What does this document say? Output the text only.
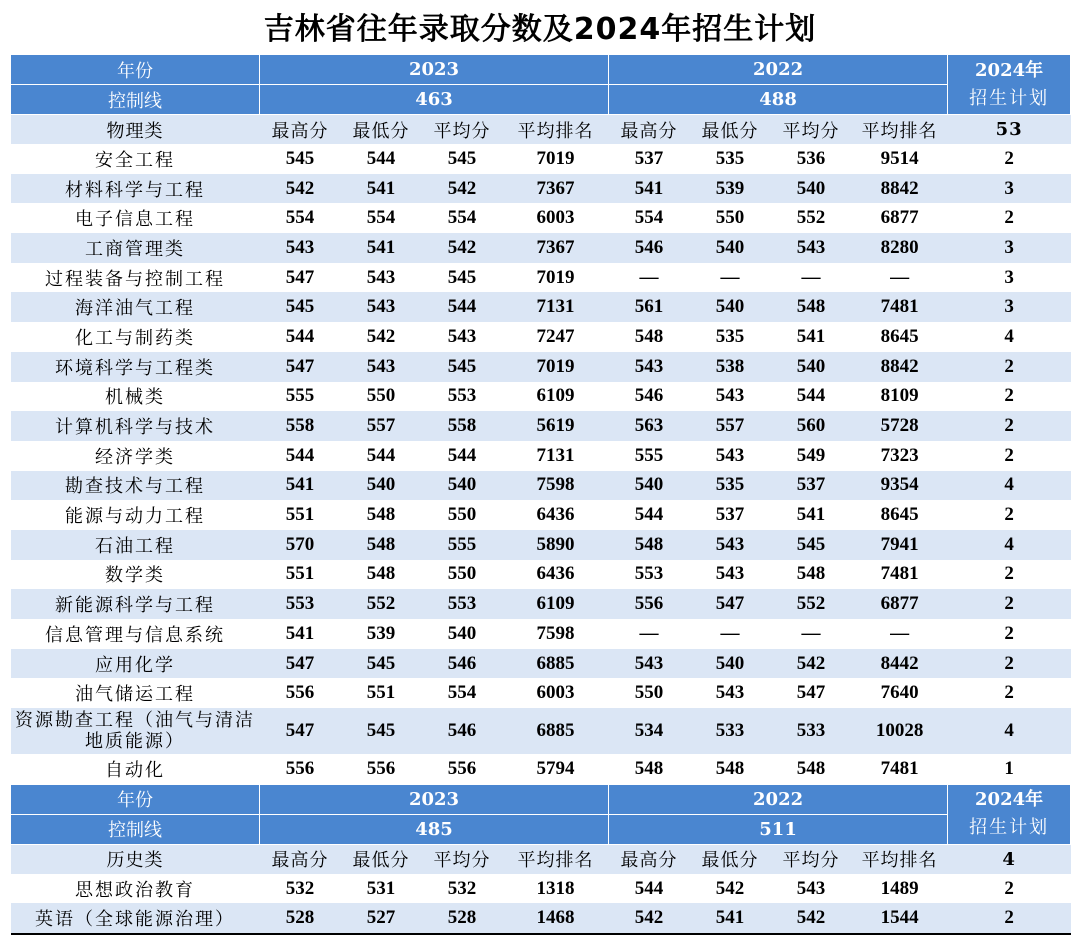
吉林省往年录取分数及2024年招生计划
年份	2023				2022				2024年
招生计划

控制线	463				488				
物理类	最高分	最低分	平均分	平均排名	最高分	最低分	平均分	平均排名	53
安全工程	545	544	545	7019	537	535	536	9514	2
材料科学与工程	542	541	542	7367	541	539	540	8842	3
电子信息工程	554	554	554	6003	554	550	552	6877	2
工商管理类	543	541	542	7367	546	540	543	8280	3
过程装备与控制工程	547	543	545	7019	—	—	—	—	3
海洋油气工程	545	543	544	7131	561	540	548	7481	3
化工与制药类	544	542	543	7247	548	535	541	8645	4
环境科学与工程类	547	543	545	7019	543	538	540	8842	2
机械类	555	550	553	6109	546	543	544	8109	2
计算机科学与技术	558	557	558	5619	563	557	560	5728	2
经济学类	544	544	544	7131	555	543	549	7323	2
勘查技术与工程	541	540	540	7598	540	535	537	9354	4
能源与动力工程	551	548	550	6436	544	537	541	8645	2
石油工程	570	548	555	5890	548	543	545	7941	4
数学类	551	548	550	6436	553	543	548	7481	2
新能源科学与工程	553	552	553	6109	556	547	552	6877	2
信息管理与信息系统	541	539	540	7598	—	—	—	—	2
应用化学	547	545	546	6885	543	540	542	8442	2
油气储运工程	556	551	554	6003	550	543	547	7640	2
资源勘查工程（油气与清洁地质能源）	547	545	546	6885	534	533	533	10028	4
自动化	556	556	556	5794	548	548	548	7481	1
年份	2023				2022				2024年
招生计划

控制线	485				511				
历史类	最高分	最低分	平均分	平均排名	最高分	最低分	平均分	平均排名	4
思想政治教育	532	531	532	1318	544	542	543	1489	2
英语（全球能源治理）	528	527	528	1468	542	541	542	1544	2
